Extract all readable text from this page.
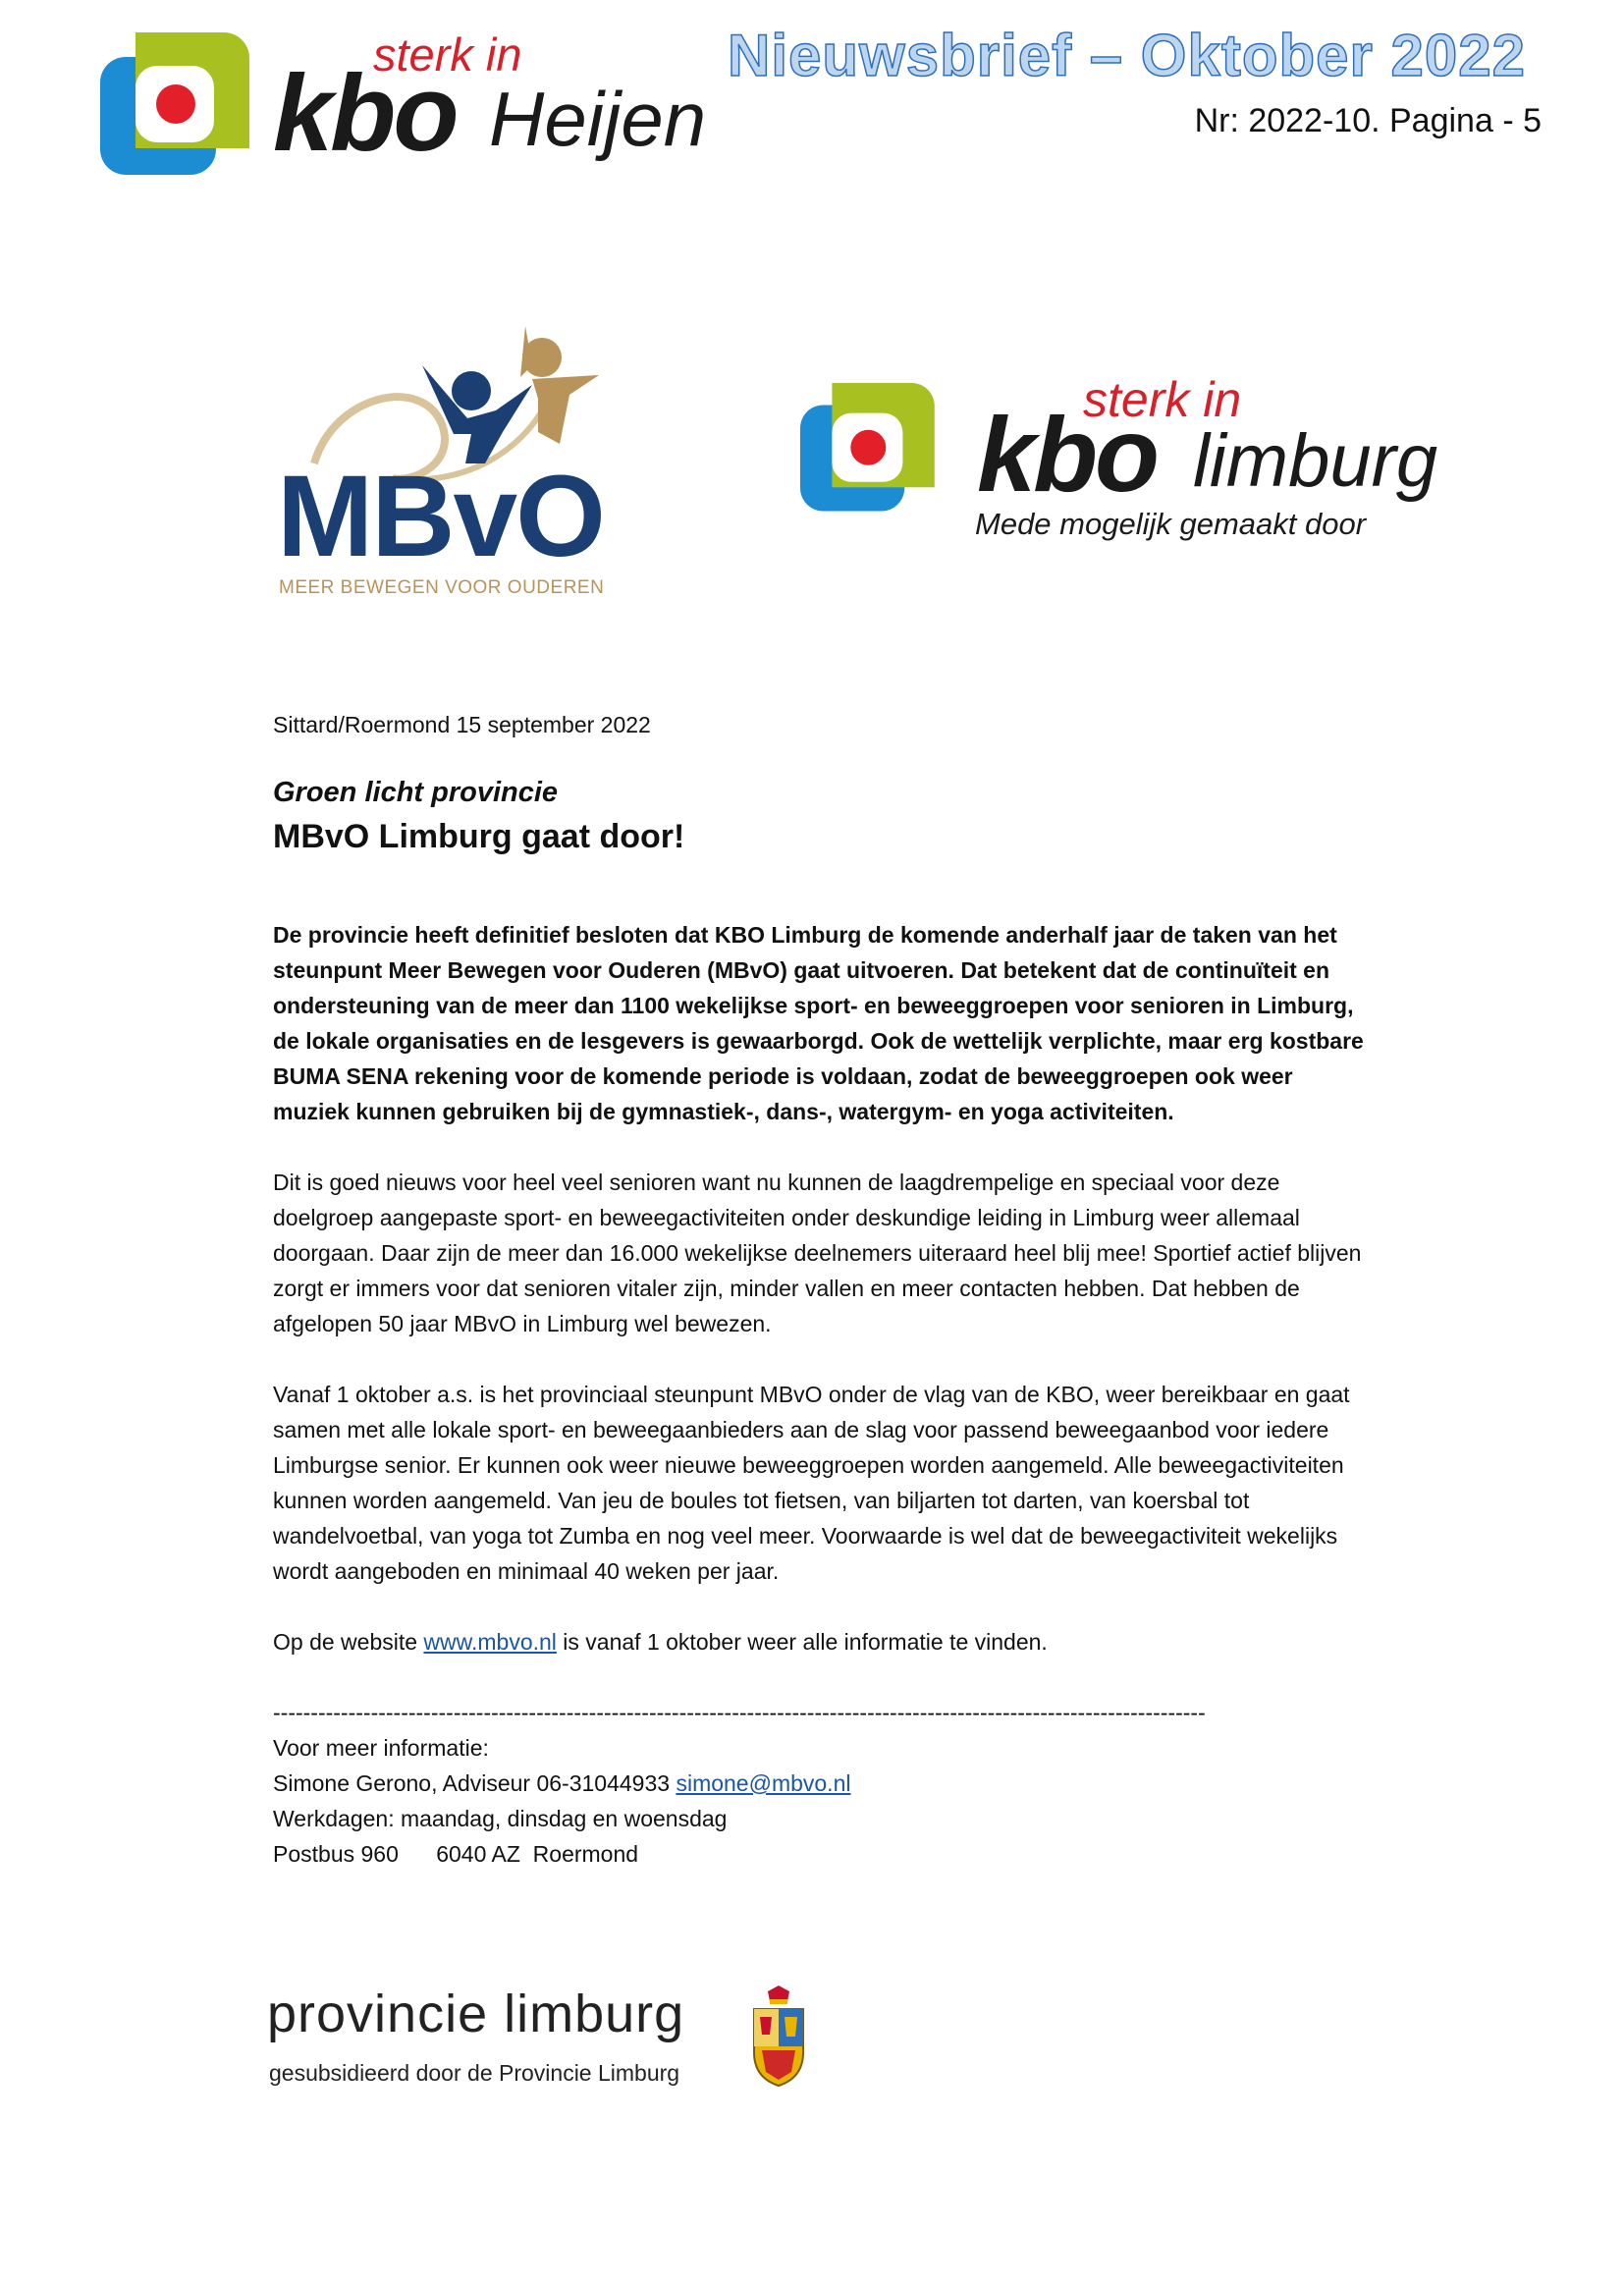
sterk in
kbo Heijen
Nieuwsbrief – Oktober 2022
Nr: 2022-10. Pagina - 5
MBvO
MEER BEWEGEN VOOR OUDEREN
sterk in
kbo limburg
Mede mogelijk gemaakt door

Sittard/Roermond 15 september 2022

Groen licht provincie

MBvO Limburg gaat door!

De provincie heeft definitief besloten dat KBO Limburg de komende anderhalf jaar de taken van het steunpunt Meer Bewegen voor Ouderen (MBvO) gaat uitvoeren. Dat betekent dat de continuïteit en ondersteuning van de meer dan 1100 wekelijkse sport- en beweeggroepen voor senioren in Limburg, de lokale organisaties en de lesgevers is gewaarborgd. Ook de wettelijk verplichte, maar erg kostbare BUMA SENA rekening voor de komende periode is voldaan, zodat de beweeggroepen ook weer muziek kunnen gebruiken bij de gymnastiek-, dans-, watergym- en yoga activiteiten.

Dit is goed nieuws voor heel veel senioren want nu kunnen de laagdrempelige en speciaal voor deze doelgroep aangepaste sport- en beweegactiviteiten onder deskundige leiding in Limburg weer allemaal doorgaan. Daar zijn de meer dan 16.000 wekelijkse deelnemers uiteraard heel blij mee! Sportief actief blijven zorgt er immers voor dat senioren vitaler zijn, minder vallen en meer contacten hebben. Dat hebben de afgelopen 50 jaar MBvO in Limburg wel bewezen.

Vanaf 1 oktober a.s. is het provinciaal steunpunt MBvO onder de vlag van de KBO, weer bereikbaar en gaat samen met alle lokale sport- en beweegaanbieders aan de slag voor passend beweegaanbod voor iedere Limburgse senior. Er kunnen ook weer nieuwe beweeggroepen worden aangemeld. Alle beweegactiviteiten kunnen worden aangemeld. Van jeu de boules tot fietsen, van biljarten tot darten, van koersbal tot wandelvoetbal, van yoga tot Zumba en nog veel meer. Voorwaarde is wel dat de beweegactiviteit wekelijks wordt aangeboden en minimaal 40 weken per jaar.

Op de website www.mbvo.nl is vanaf 1 oktober weer alle informatie te vinden.

----------------------------------------------------------------------------------------------------------------------------

Voor meer informatie:

Simone Gerono, Adviseur 06-31044933 simone@mbvo.nl

Werkdagen: maandag, dinsdag en woensdag

Postbus 960      6040 AZ  Roermond

provincie limburg
gesubsidieerd door de Provincie Limburg
